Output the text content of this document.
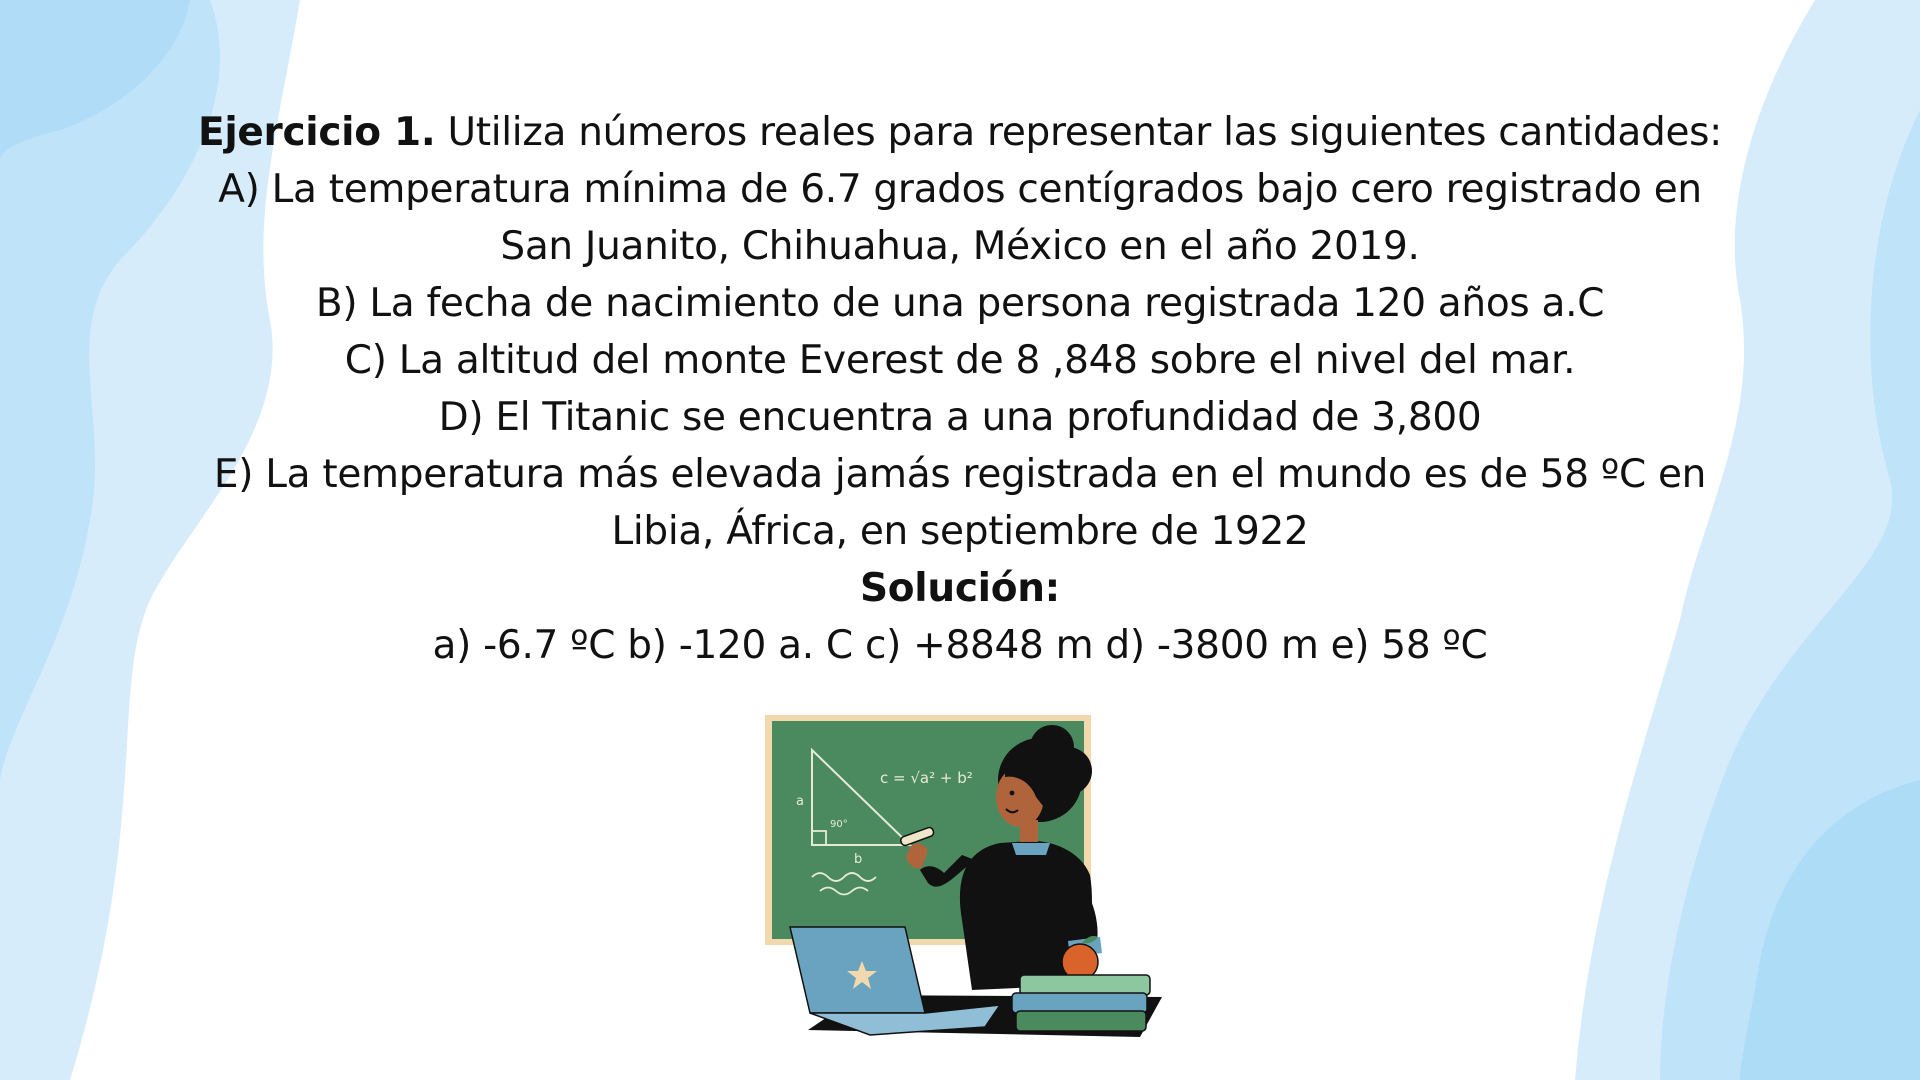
Ejercicio 1. Utiliza números reales para representar las siguientes cantidades:

A) La temperatura mínima de 6.7 grados centígrados bajo cero registrado en

San Juanito, Chihuahua, México en el año 2019.

B) La fecha de nacimiento de una persona registrada 120 años a.C

C) La altitud del monte Everest de 8 ,848 sobre el nivel del mar.

D) El Titanic se encuentra a una profundidad de 3,800

E) La temperatura más elevada jamás registrada en el mundo es de 58 ºC en

Libia, África, en septiembre de 1922

Solución:

a) -6.7 ºC b) -120 a. C c) +8848 m d) -3800 m e) 58 ºC

a
b
90°
c = √a² + b²
